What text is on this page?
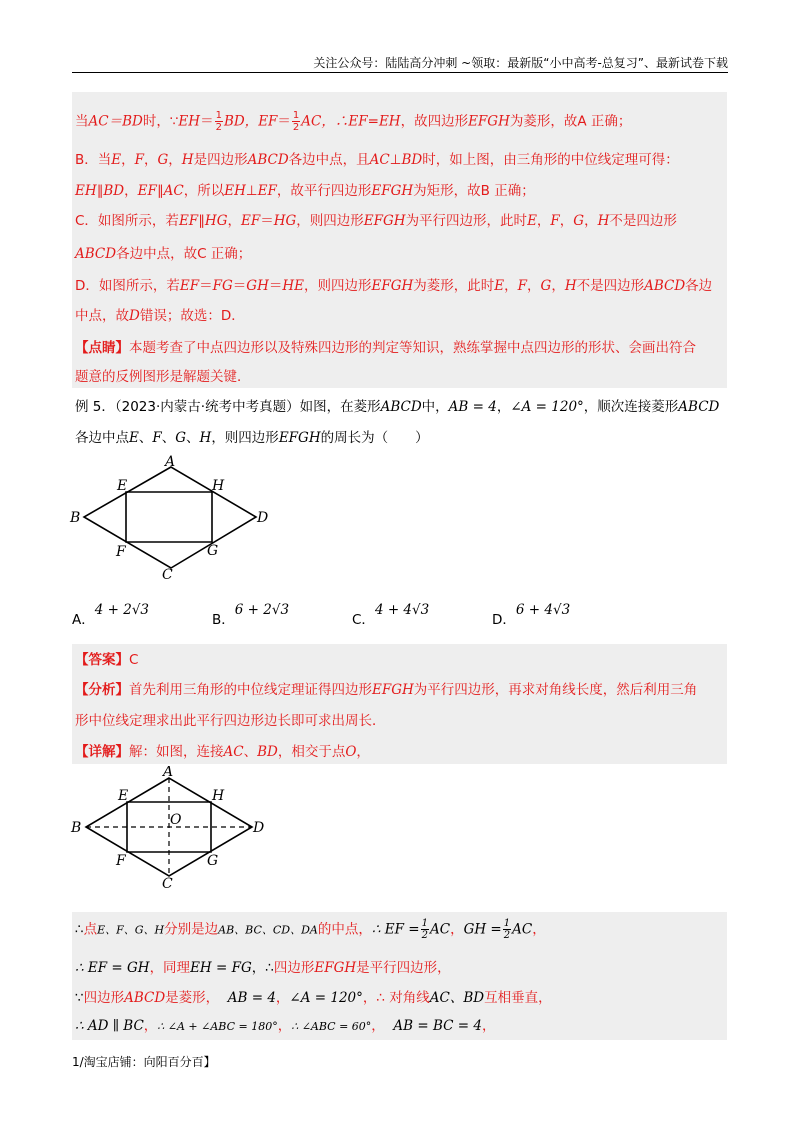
关注公众号：陆陆高分冲刺 ~领取：最新版“小中高考-总复习”、最新试卷下载
当AC＝BD时，∵EH＝ $\frac{1}{2}$ BD，$EF= \frac{1}{2}$ AC，∴EF=EH，故四边形EFGH为菱形，故A 正确；
B．当E，F，G，H是四边形ABCD各边中点，且AC⊥BD时，如上图，由三角形的中位线定理可得：
EH∥BD，EF∥AC，所以EH⊥EF，故平行四边形EFGH为矩形，故B 正确；
C．如图所示，若EF∥HG，EF＝HG，则四边形EFGH为平行四边形，此时E，F，G，H不是四边形
ABCD各边中点，故C 正确；
D．如图所示，若EF＝FG＝GH＝HE，则四边形EFGH为菱形，此时E，F，G，H不是四边形ABCD各边
中点，故D错误；故选：D．
【点睛】本题考查了中点四边形以及特殊四边形的判定等知识，熟练掌握中点四边形的形状、会画出符合
题意的反例图形是解题关键．
例 5．（2023·内蒙古·统考中考真题）如图，在菱形ABCD中，AB = 4，∠A = 120°，顺次连接菱形ABCD
各边中点E、F、G、H，则四边形EFGH的周长为（　　）
A
B
C
D
E
F	G
H
A．4 + 2√3
B．6 + 2√3
C．4 + 4√3
D．6 + 4√3
【答案】C
【分析】首先利用三角形的中位线定理证得四边形EFGH为平行四边形，再求对角线长度，然后利用三角
形中位线定理求出此平行四边形边长即可求出周长．
【详解】解：如图，连接AC、BD，相交于点O，
A
B
C
D
E
F	G
H
O
∴点E、F、G、H分别是边AB、BC、CD、DA的中点，∴ EF = $\frac{1}{2}$ AC，GH = $\frac{1}{2}$ AC，
∴ EF = GH，同理EH = FG，∴四边形EFGH是平行四边形，
∵四边形ABCD是菱形， AB = 4，∠A = 120°，∴ 对角线AC、BD互相垂直，
∴ AD ∥ BC，∴ ∠A + ∠ABC = 180°，∴ ∠ABC = 60°， AB = BC = 4，
1/淘宝店铺：向阳百分百】
